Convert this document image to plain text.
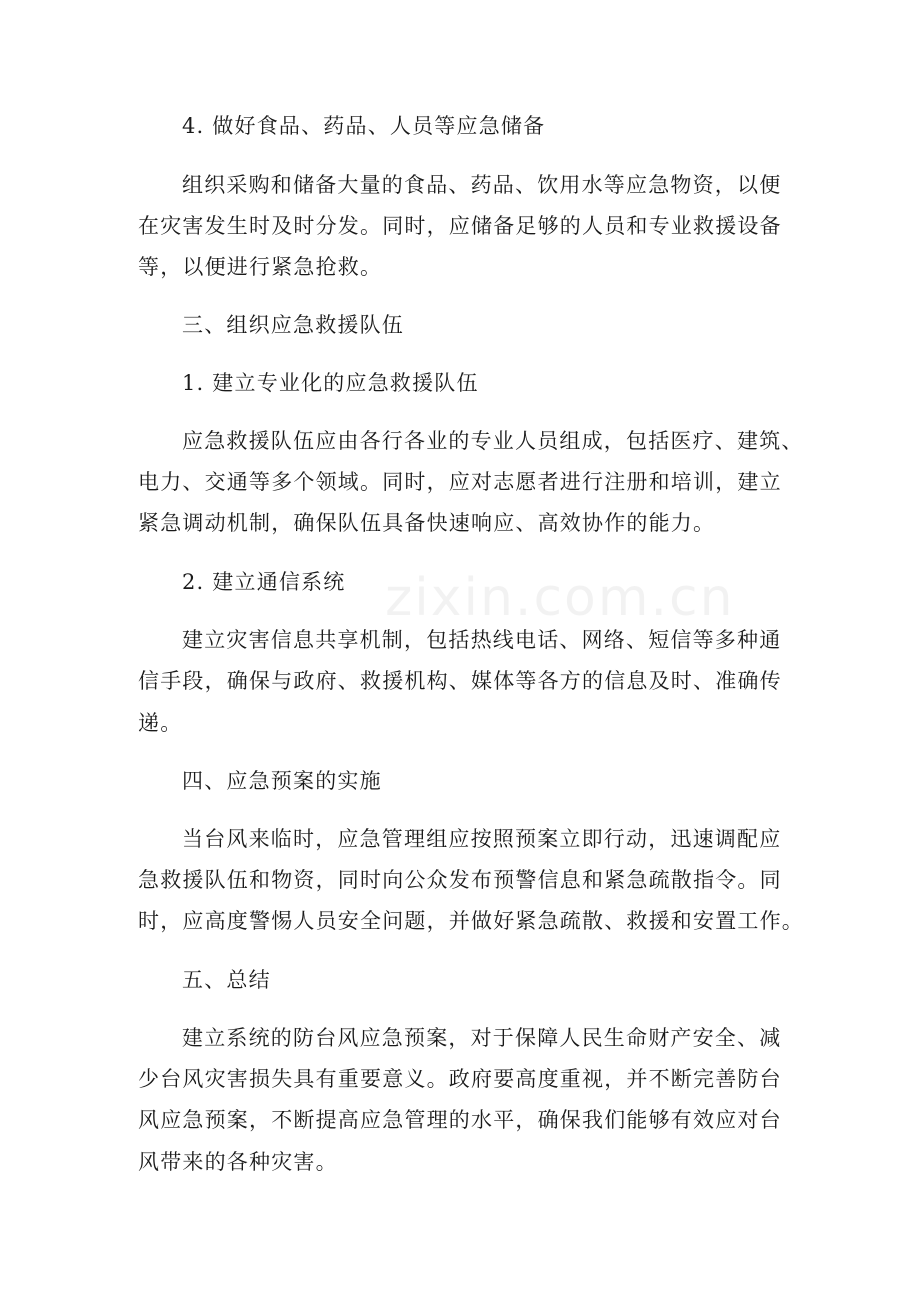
zixin.com.cn
4. 做好食品、药品、人员等应急储备
组织采购和储备大量的食品、药品、饮用水等应急物资，以便
在灾害发生时及时分发。同时，应储备足够的人员和专业救援设备
等，以便进行紧急抢救。
三、组织应急救援队伍
1. 建立专业化的应急救援队伍
应急救援队伍应由各行各业的专业人员组成，包括医疗、建筑、
电力、交通等多个领域。同时，应对志愿者进行注册和培训，建立
紧急调动机制，确保队伍具备快速响应、高效协作的能力。
2. 建立通信系统
建立灾害信息共享机制，包括热线电话、网络、短信等多种通
信手段，确保与政府、救援机构、媒体等各方的信息及时、准确传
递。
四、应急预案的实施
当台风来临时，应急管理组应按照预案立即行动，迅速调配应
急救援队伍和物资，同时向公众发布预警信息和紧急疏散指令。同
时，应高度警惕人员安全问题，并做好紧急疏散、救援和安置工作。
五、总结
建立系统的防台风应急预案，对于保障人民生命财产安全、减
少台风灾害损失具有重要意义。政府要高度重视，并不断完善防台
风应急预案，不断提高应急管理的水平，确保我们能够有效应对台
风带来的各种灾害。
